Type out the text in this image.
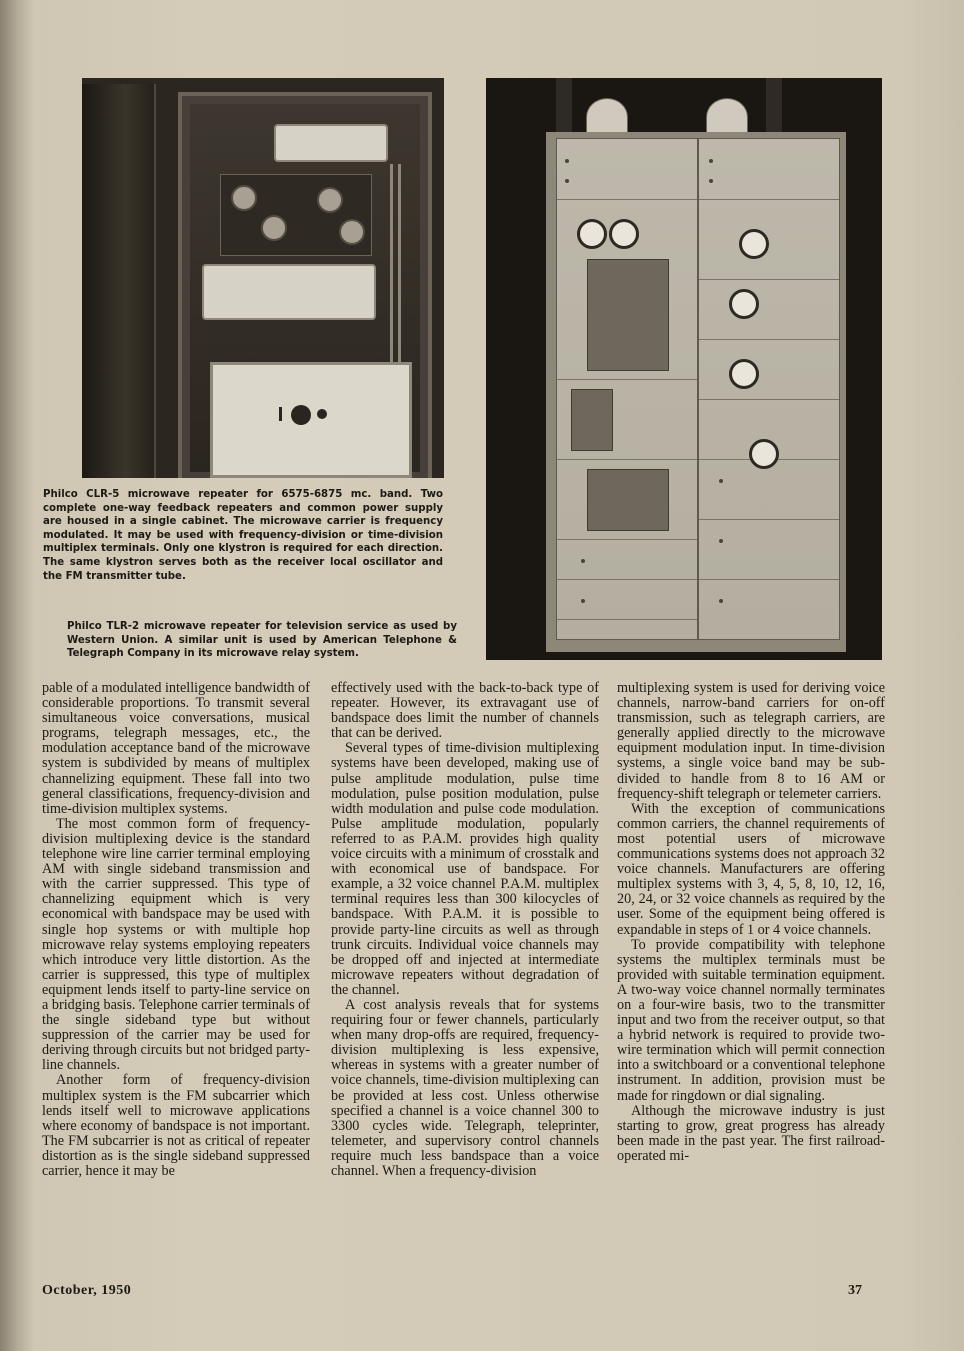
Philco CLR-5 microwave repeater for 6575-6875 mc. band. Two complete one-way feedback repeaters and common power supply are housed in a single cabinet. The microwave carrier is frequency modulated. It may be used with frequency-division or time-division multiplex terminals. Only one klystron is required for each direction. The same klystron serves both as the receiver local oscillator and the FM transmitter tube.
Philco TLR-2 microwave repeater for television service as used by Western Union. A similar unit is used by American Telephone & Telegraph Company in its microwave relay system.

pable of a modulated intelligence bandwidth of considerable proportions. To transmit several simultaneous voice conversations, musical programs, telegraph messages, etc., the modulation acceptance band of the microwave system is subdivided by means of multiplex channelizing equipment. These fall into two general classifications, frequency-division and time-division multiplex systems.

The most common form of frequency-division multiplexing device is the standard telephone wire line carrier terminal employing AM with single sideband transmission and with the carrier suppressed. This type of channelizing equipment which is very economical with bandspace may be used with single hop systems or with multiple hop microwave relay systems employing repeaters which introduce very little distortion. As the carrier is suppressed, this type of multiplex equipment lends itself to party-line service on a bridging basis. Telephone carrier terminals of the single sideband type but without suppression of the carrier may be used for deriving through circuits but not bridged party-line channels.

Another form of frequency-division multiplex system is the FM subcarrier which lends itself well to microwave applications where economy of bandspace is not important. The FM subcarrier is not as critical of repeater distortion as is the single sideband suppressed carrier, hence it may be

effectively used with the back-to-back type of repeater. However, its extravagant use of bandspace does limit the number of channels that can be derived.

Several types of time-division multiplexing systems have been developed, making use of pulse amplitude modulation, pulse time modulation, pulse position modulation, pulse width modulation and pulse code modulation. Pulse amplitude modulation, popularly referred to as P.A.M. provides high quality voice circuits with a minimum of crosstalk and with economical use of bandspace. For example, a 32 voice channel P.A.M. multiplex terminal requires less than 300 kilocycles of bandspace. With P.A.M. it is possible to provide party-line circuits as well as through trunk circuits. Individual voice channels may be dropped off and injected at intermediate microwave repeaters without degradation of the channel.

A cost analysis reveals that for systems requiring four or fewer channels, particularly when many drop-offs are required, frequency-division multiplexing is less expensive, whereas in systems with a greater number of voice channels, time-division multiplexing can be provided at less cost. Unless otherwise specified a channel is a voice channel 300 to 3300 cycles wide. Telegraph, teleprinter, telemeter, and supervisory control channels require much less bandspace than a voice channel. When a frequency-division

multiplexing system is used for deriving voice channels, narrow-band carriers for on-off transmission, such as telegraph carriers, are generally applied directly to the microwave equipment modulation input. In time-division systems, a single voice band may be sub-divided to handle from 8 to 16 AM or frequency-shift telegraph or telemeter carriers.

With the exception of communications common carriers, the channel requirements of most potential users of microwave communications systems does not approach 32 voice channels. Manufacturers are offering multiplex systems with 3, 4, 5, 8, 10, 12, 16, 20, 24, or 32 voice channels as required by the user. Some of the equipment being offered is expandable in steps of 1 or 4 voice channels.

To provide compatibility with telephone systems the multiplex terminals must be provided with suitable termination equipment. A two-way voice channel normally terminates on a four-wire basis, two to the transmitter input and two from the receiver output, so that a hybrid network is required to provide two-wire termination which will permit connection into a switchboard or a conventional telephone instrument. In addition, provision must be made for ringdown or dial signaling.

Although the microwave industry is just starting to grow, great progress has already been made in the past year. The first railroad-operated mi-

October, 1950	37
